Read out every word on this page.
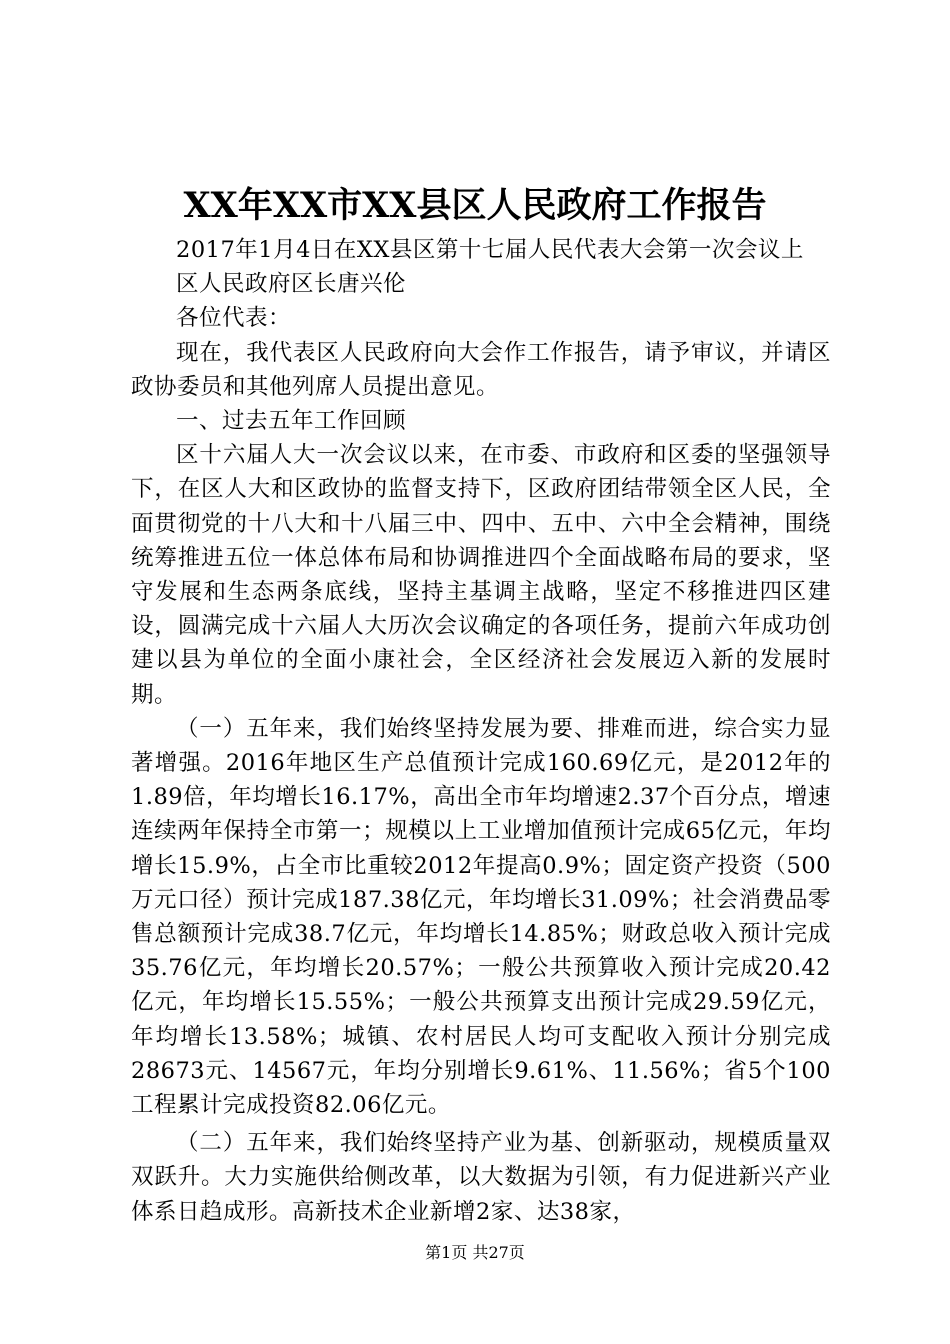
XX年XX市XX县区人民政府工作报告

2017年1月4日在XX县区第十七届人民代表大会第一次会议上

区人民政府区长唐兴伦

各位代表：

现在，我代表区人民政府向大会作工作报告，请予审议，并请区政协委员和其他列席人员提出意见。

一、过去五年工作回顾

区十六届人大一次会议以来，在市委、市政府和区委的坚强领导下，在区人大和区政协的监督支持下，区政府团结带领全区人民，全面贯彻党的十八大和十八届三中、四中、五中、六中全会精神，围绕统筹推进五位一体总体布局和协调推进四个全面战略布局的要求，坚守发展和生态两条底线，坚持主基调主战略，坚定不移推进四区建设，圆满完成十六届人大历次会议确定的各项任务，提前六年成功创建以县为单位的全面小康社会，全区经济社会发展迈入新的发展时期。

（一）五年来，我们始终坚持发展为要、排难而进，综合实力显著增强。2016年地区生产总值预计完成160.69亿元，是2012年的1.89倍，年均增长16.17%，高出全市年均增速2.37个百分点，增速连续两年保持全市第一；规模以上工业增加值预计完成65亿元，年均增长15.9%，占全市比重较2012年提高0.9%；固定资产投资（500万元口径）预计完成187.38亿元，年均增长31.09%；社会消费品零售总额预计完成38.7亿元，年均增长14.85%；财政总收入预计完成35.76亿元，年均增长20.57%；一般公共预算收入预计完成20.42亿元，年均增长15.55%；一般公共预算支出预计完成29.59亿元，年均增长13.58%；城镇、农村居民人均可支配收入预计分别完成28673元、14567元，年均分别增长9.61%、11.56%；省5个100工程累计完成投资82.06亿元。

（二）五年来，我们始终坚持产业为基、创新驱动，规模质量双双跃升。大力实施供给侧改革，以大数据为引领，有力促进新兴产业体系日趋成形。高新技术企业新增2家、达38家，

第1页 共27页
